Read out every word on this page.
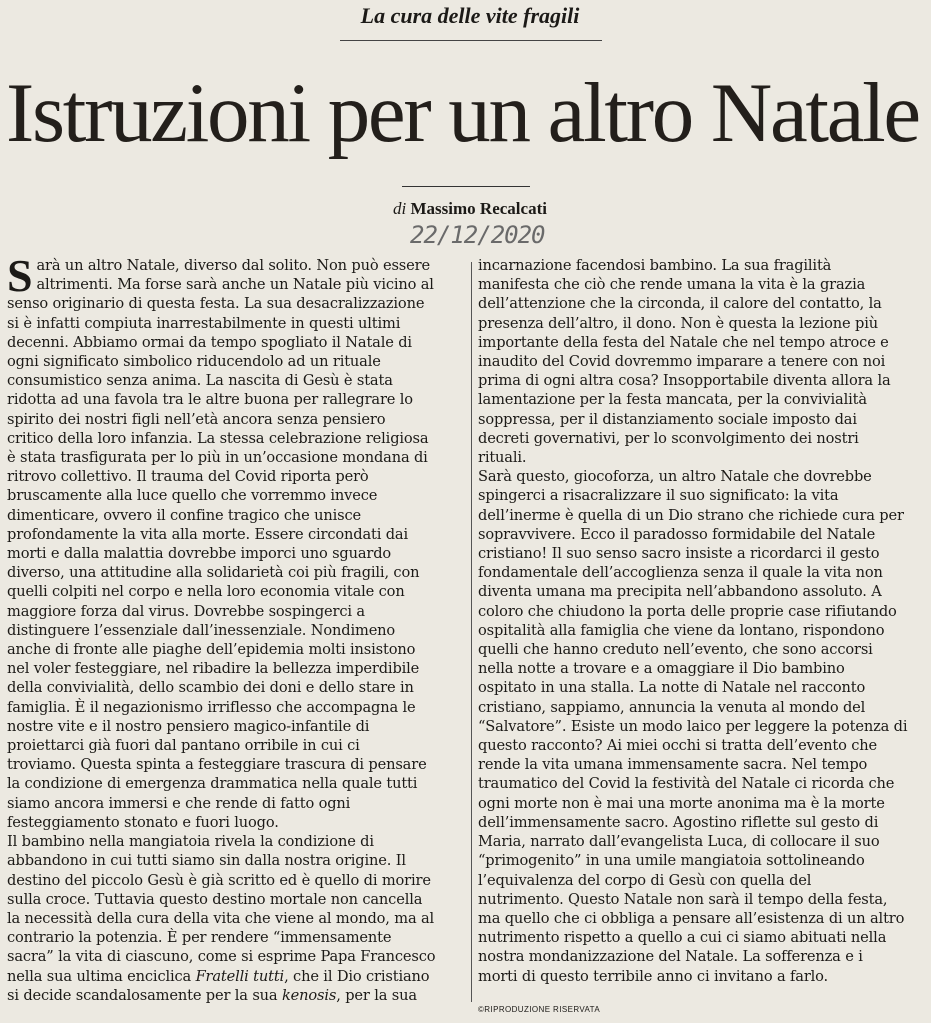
La cura delle vite fragili
Istruzioni per un altro Natale
di Massimo Recalcati
22/12/2020
S arà un altro Natale, diverso dal solito. Non può essere
altrimenti. Ma forse sarà anche un Natale più vicino al
senso originario di questa festa. La sua desacralizzazione
si è infatti compiuta inarrestabilmente in questi ultimi
decenni. Abbiamo ormai da tempo spogliato il Natale di
ogni significato simbolico riducendolo ad un rituale
consumistico senza anima. La nascita di Gesù è stata
ridotta ad una favola tra le altre buona per rallegrare lo
spirito dei nostri figli nell’età ancora senza pensiero
critico della loro infanzia. La stessa celebrazione religiosa
è stata trasfigurata per lo più in un’occasione mondana di
ritrovo collettivo. Il trauma del Covid riporta però
bruscamente alla luce quello che vorremmo invece
dimenticare, ovvero il confine tragico che unisce
profondamente la vita alla morte. Essere circondati dai
morti e dalla malattia dovrebbe imporci uno sguardo
diverso, una attitudine alla solidarietà coi più fragili, con
quelli colpiti nel corpo e nella loro economia vitale con
maggiore forza dal virus. Dovrebbe sospingerci a
distinguere l’essenziale dall’inessenziale. Nondimeno
anche di fronte alle piaghe dell’epidemia molti insistono
nel voler festeggiare, nel ribadire la bellezza imperdibile
della convivialità, dello scambio dei doni e dello stare in
famiglia. È il negazionismo irriflesso che accompagna le
nostre vite e il nostro pensiero magico-infantile di
proiettarci già fuori dal pantano orribile in cui ci
troviamo. Questa spinta a festeggiare trascura di pensare
la condizione di emergenza drammatica nella quale tutti
siamo ancora immersi e che rende di fatto ogni
festeggiamento stonato e fuori luogo.
Il bambino nella mangiatoia rivela la condizione di
abbandono in cui tutti siamo sin dalla nostra origine. Il
destino del piccolo Gesù è già scritto ed è quello di morire
sulla croce. Tuttavia questo destino mortale non cancella
la necessità della cura della vita che viene al mondo, ma al
contrario la potenzia. È per rendere “immensamente
sacra” la vita di ciascuno, come si esprime Papa Francesco
nella sua ultima enciclica Fratelli tutti, che il Dio cristiano
si decide scandalosamente per la sua kenosis, per la sua
incarnazione facendosi bambino. La sua fragilità
manifesta che ciò che rende umana la vita è la grazia
dell’attenzione che la circonda, il calore del contatto, la
presenza dell’altro, il dono. Non è questa la lezione più
importante della festa del Natale che nel tempo atroce e
inaudito del Covid dovremmo imparare a tenere con noi
prima di ogni altra cosa? Insopportabile diventa allora la
lamentazione per la festa mancata, per la convivialità
soppressa, per il distanziamento sociale imposto dai
decreti governativi, per lo sconvolgimento dei nostri
rituali.
Sarà questo, giocoforza, un altro Natale che dovrebbe
spingerci a risacralizzare il suo significato: la vita
dell’inerme è quella di un Dio strano che richiede cura per
sopravvivere. Ecco il paradosso formidabile del Natale
cristiano! Il suo senso sacro insiste a ricordarci il gesto
fondamentale dell’accoglienza senza il quale la vita non
diventa umana ma precipita nell’abbandono assoluto. A
coloro che chiudono la porta delle proprie case rifiutando
ospitalità alla famiglia che viene da lontano, rispondono
quelli che hanno creduto nell’evento, che sono accorsi
nella notte a trovare e a omaggiare il Dio bambino
ospitato in una stalla. La notte di Natale nel racconto
cristiano, sappiamo, annuncia la venuta al mondo del
“Salvatore”. Esiste un modo laico per leggere la potenza di
questo racconto? Ai miei occhi si tratta dell’evento che
rende la vita umana immensamente sacra. Nel tempo
traumatico del Covid la festività del Natale ci ricorda che
ogni morte non è mai una morte anonima ma è la morte
dell’immensamente sacro. Agostino riflette sul gesto di
Maria, narrato dall’evangelista Luca, di collocare il suo
“primogenito” in una umile mangiatoia sottolineando
l’equivalenza del corpo di Gesù con quella del
nutrimento. Questo Natale non sarà il tempo della festa,
ma quello che ci obbliga a pensare all’esistenza di un altro
nutrimento rispetto a quello a cui ci siamo abituati nella
nostra mondanizzazione del Natale. La sofferenza e i
morti di questo terribile anno ci invitano a farlo.
©RIPRODUZIONE RISERVATA
